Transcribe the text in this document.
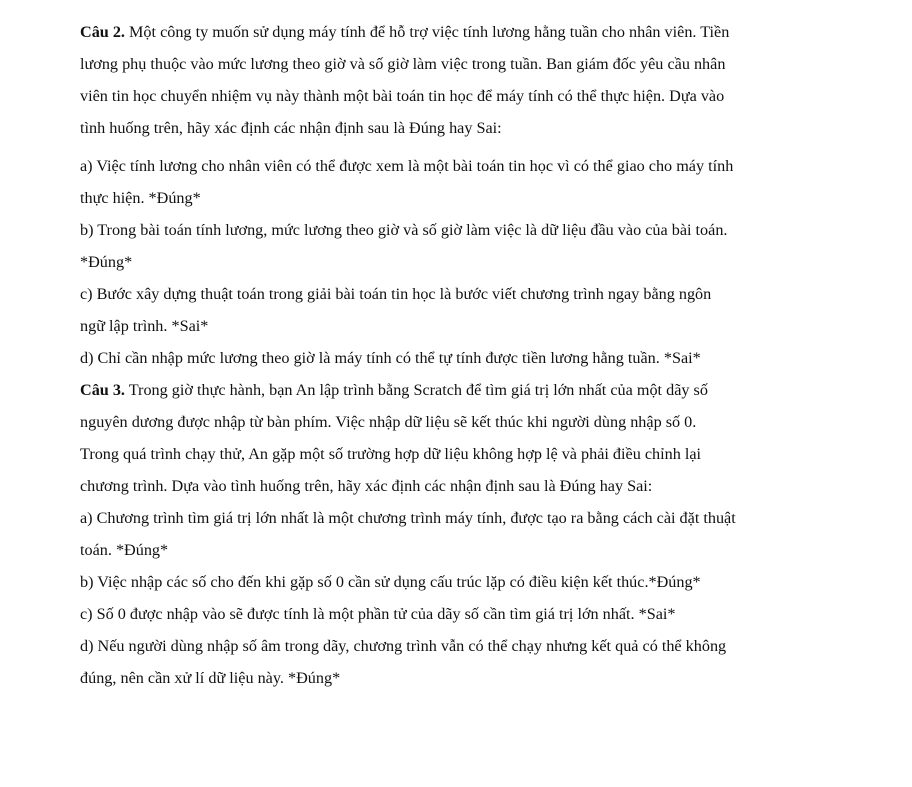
Câu 2. Một công ty muốn sử dụng máy tính để hỗ trợ việc tính lương hằng tuần cho nhân viên. Tiền
lương phụ thuộc vào mức lương theo giờ và số giờ làm việc trong tuần. Ban giám đốc yêu cầu nhân
viên tin học chuyển nhiệm vụ này thành một bài toán tin học để máy tính có thể thực hiện. Dựa vào
tình huống trên, hãy xác định các nhận định sau là Đúng hay Sai:
a) Việc tính lương cho nhân viên có thể được xem là một bài toán tin học vì có thể giao cho máy tính
thực hiện. *Đúng*
b) Trong bài toán tính lương, mức lương theo giờ và số giờ làm việc là dữ liệu đầu vào của bài toán.
*Đúng*
c) Bước xây dựng thuật toán trong giải bài toán tin học là bước viết chương trình ngay bằng ngôn
ngữ lập trình. *Sai*
d) Chỉ cần nhập mức lương theo giờ là máy tính có thể tự tính được tiền lương hằng tuần. *Sai*
Câu 3. Trong giờ thực hành, bạn An lập trình bằng Scratch để tìm giá trị lớn nhất của một dãy số
nguyên dương được nhập từ bàn phím. Việc nhập dữ liệu sẽ kết thúc khi người dùng nhập số 0.
Trong quá trình chạy thử, An gặp một số trường hợp dữ liệu không hợp lệ và phải điều chỉnh lại
chương trình. Dựa vào tình huống trên, hãy xác định các nhận định sau là Đúng hay Sai:
a) Chương trình tìm giá trị lớn nhất là một chương trình máy tính, được tạo ra bằng cách cài đặt thuật
toán. *Đúng*
b) Việc nhập các số cho đến khi gặp số 0 cần sử dụng cấu trúc lặp có điều kiện kết thúc.*Đúng*
c) Số 0 được nhập vào sẽ được tính là một phần tử của dãy số cần tìm giá trị lớn nhất. *Sai*
d) Nếu người dùng nhập số âm trong dãy, chương trình vẫn có thể chạy nhưng kết quả có thể không
đúng, nên cần xử lí dữ liệu này. *Đúng*
